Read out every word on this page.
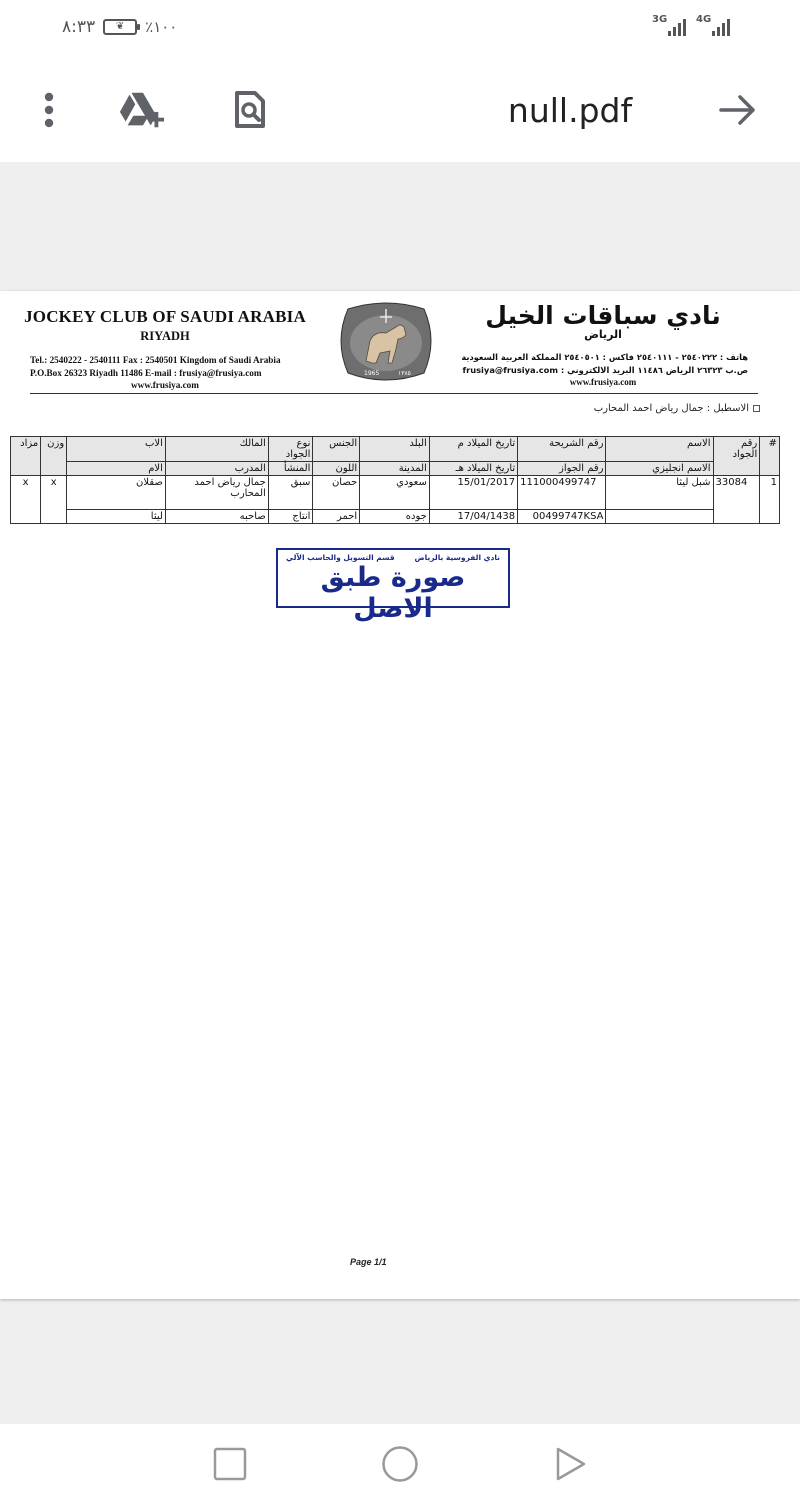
٨:٣٣ ❦ ٪١٠٠	3G	4G
null.pdf
JOCKEY CLUB OF SAUDI ARABIA
RIYADH
Tel.: 2540222 - 2540111 Fax : 2540501 Kingdom of Saudi Arabia
P.O.Box 26323 Riyadh 11486 E-mail : frusiya@frusiya.com
www.frusiya.com
1965	١٣٨٥
نادي سباقات الخيل
الرياض
هاتف : ٢٥٤٠٢٢٢ - ٢٥٤٠١١١ فاكس : ٢٥٤٠٥٠١ المملكة العربية السعودية
ص.ب ٢٦٣٢٣ الرياض ١١٤٨٦ البريد الالكتروني : frusiya@frusiya.com
www.frusiya.com
الاسطبل : جمال رياض احمد المحارب
#	رقم الجواد	الاسم	رقم الشريحة	تاريخ الميلاد م	البلد	الجنس	نوع الجواد	المالك	الاب	وزن	مزاد
		الاسم انجليزي	رقم الجواز	تاريخ الميلاد هـ	المدينة	اللون	المنشأ	المدرب	الام		
1	33084	شبل ليثا	111000499747	15/01/2017	سعودي	حصان	سبق	جمال رياض احمد المحارب	صقلان	x	x
			00499747KSA	17/04/1438	جوده	احمر	انتاج	صاحبه	ليثا		
نادي الفروسية بالرياض
قسم التسويل والحاسب الآلي
صورة طبق الاصل
Page 1/1
